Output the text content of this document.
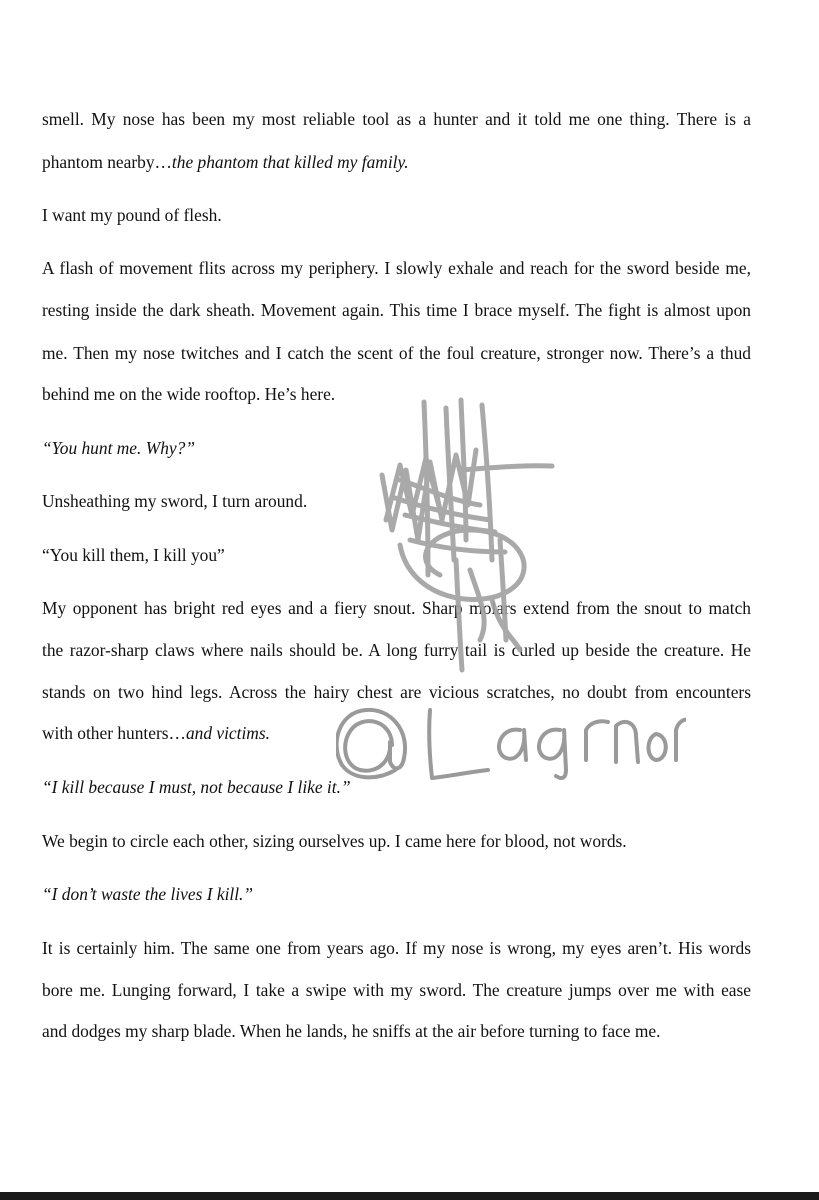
smell. My nose has been my most reliable tool as a hunter and it told me one thing. There is a
phantom nearby…the phantom that killed my family.
I want my pound of flesh.
A flash of movement flits across my periphery. I slowly exhale and reach for the sword beside me,
resting inside the dark sheath. Movement again. This time I brace myself. The fight is almost upon
me. Then my nose twitches and I catch the scent of the foul creature, stronger now. There’s a thud
behind me on the wide rooftop. He’s here.
“You hunt me. Why?”
Unsheathing my sword, I turn around.
“You kill them, I kill you”
My opponent has bright red eyes and a fiery snout. Sharp molars extend from the snout to match
the razor-sharp claws where nails should be. A long furry tail is curled up beside the creature. He
stands on two hind legs. Across the hairy chest are vicious scratches, no doubt from encounters
with other hunters…and victims.
“I kill because I must, not because I like it.”
We begin to circle each other, sizing ourselves up. I came here for blood, not words.
“I don’t waste the lives I kill.”
It is certainly him. The same one from years ago. If my nose is wrong, my eyes aren’t. His words
bore me. Lunging forward, I take a swipe with my sword. The creature jumps over me with ease
and dodges my sharp blade. When he lands, he sniffs at the air before turning to face me.
